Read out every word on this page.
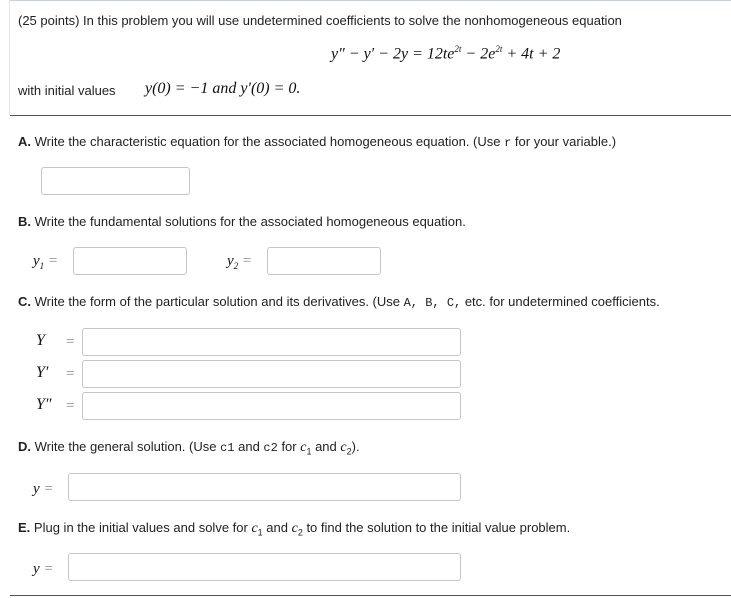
(25 points) In this problem you will use undetermined coefficients to solve the nonhomogeneous equation
$y'' - y' - 2y = 12te^{2t} - 2e^{2t} + 4t + 2$
with initial values y(0) = −1 and y′(0) = 0.
A. Write the characteristic equation for the associated homogeneous equation. (Use r for your variable.)
B. Write the fundamental solutions for the associated homogeneous equation.
$y_1$ =	$y_2$ =
C. Write the form of the particular solution and its derivatives. (Use A, B, C, etc. for undetermined coefficients.
Y =
Y′ =
Y″ =
D. Write the general solution. (Use c1 and c2 for $c_1$ and $c_2$).
y =
E. Plug in the initial values and solve for $c_1$ and $c_2$ to find the solution to the initial value problem.
y =
